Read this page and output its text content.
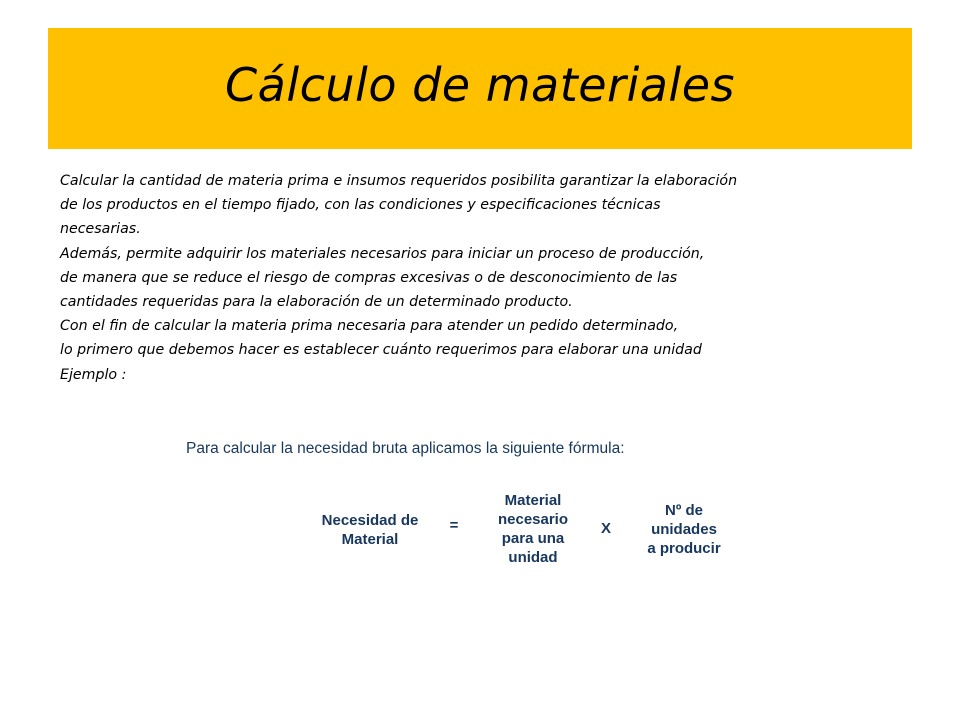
Cálculo de materiales
Calcular la cantidad de materia prima e insumos requeridos posibilita garantizar la elaboración
de los productos en el tiempo fijado, con las condiciones y especificaciones técnicas
necesarias.
Además, permite adquirir los materiales necesarios para iniciar un proceso de producción,
de manera que se reduce el riesgo de compras excesivas o de desconocimiento de las
cantidades requeridas para la elaboración de un determinado producto.
Con el fin de calcular la materia prima necesaria para atender un pedido determinado,
lo primero que debemos hacer es establecer cuánto requerimos para elaborar una unidad
Ejemplo :
Para calcular la necesidad bruta aplicamos la siguiente fórmula:
Necesidad de
Material
=
Material
necesario
para una
unidad
X
Nº de
unidades
a producir
